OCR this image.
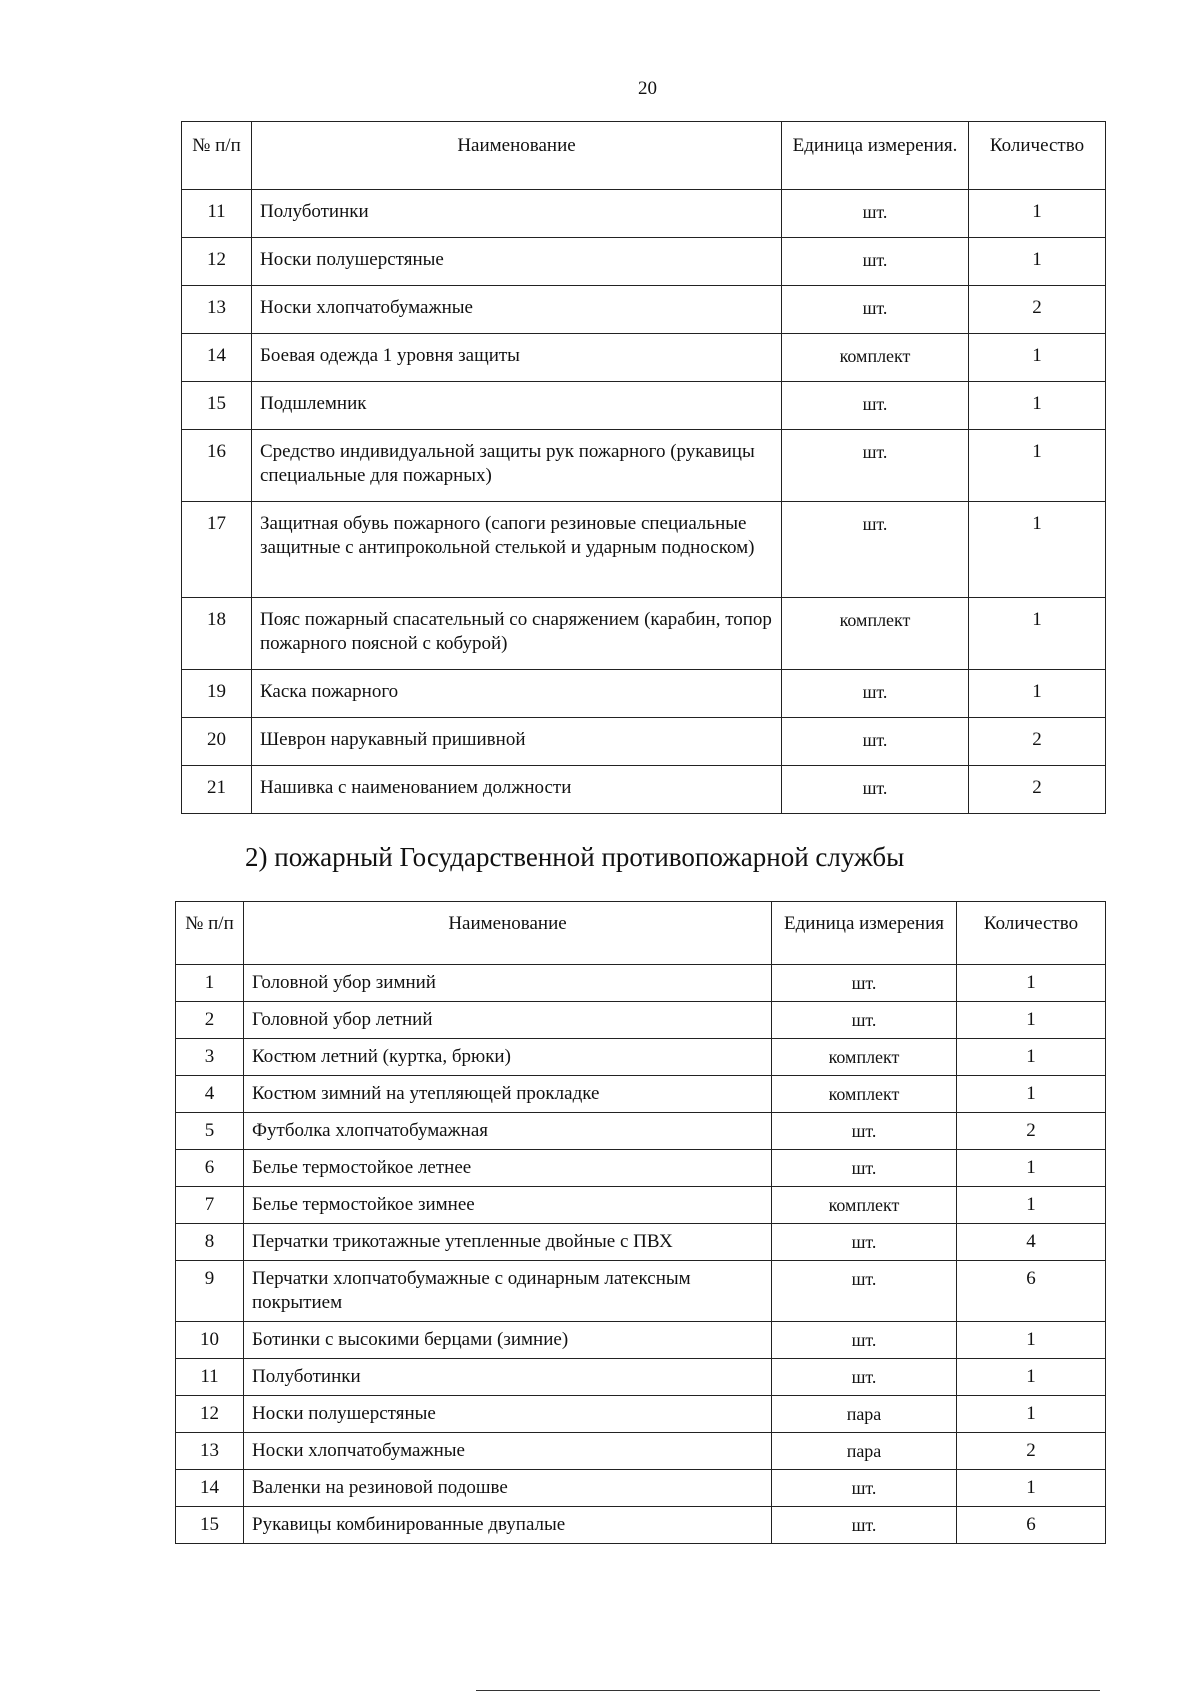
20
№ п/п	Наименование	Единица измерения.	Количество
11	Полуботинки	шт.	1
12	Носки полушерстяные	шт.	1
13	Носки хлопчатобумажные	шт.	2
14	Боевая одежда 1 уровня защиты	комплект	1
15	Подшлемник	шт.	1
16	Средство индивидуальной защиты рук пожарного (рукавицы специальные для пожарных)	шт.	1
17	Защитная обувь пожарного (сапоги резиновые специальные защитные с антипрокольной стелькой и ударным подноском)	шт.	1
18	Пояс пожарный спасательный со снаряжением (карабин, топор пожарного поясной с кобурой)	комплект	1
19	Каска пожарного	шт.	1
20	Шеврон нарукавный пришивной	шт.	2
21	Нашивка с наименованием должности	шт.	2
2) пожарный Государственной противопожарной службы
№ п/п	Наименование	Единица измерения	Количество
1	Головной убор зимний	шт.	1
2	Головной убор летний	шт.	1
3	Костюм летний (куртка, брюки)	комплект	1
4	Костюм зимний на утепляющей прокладке	комплект	1
5	Футболка хлопчатобумажная	шт.	2
6	Белье термостойкое летнее	шт.	1
7	Белье термостойкое зимнее	комплект	1
8	Перчатки трикотажные утепленные двойные с ПВХ	шт.	4
9	Перчатки хлопчатобумажные с одинарным латексным покрытием	шт.	6
10	Ботинки с высокими берцами (зимние)	шт.	1
11	Полуботинки	шт.	1
12	Носки полушерстяные	пара	1
13	Носки хлопчатобумажные	пара	2
14	Валенки на резиновой подошве	шт.	1
15	Рукавицы комбинированные двупалые	шт.	6
